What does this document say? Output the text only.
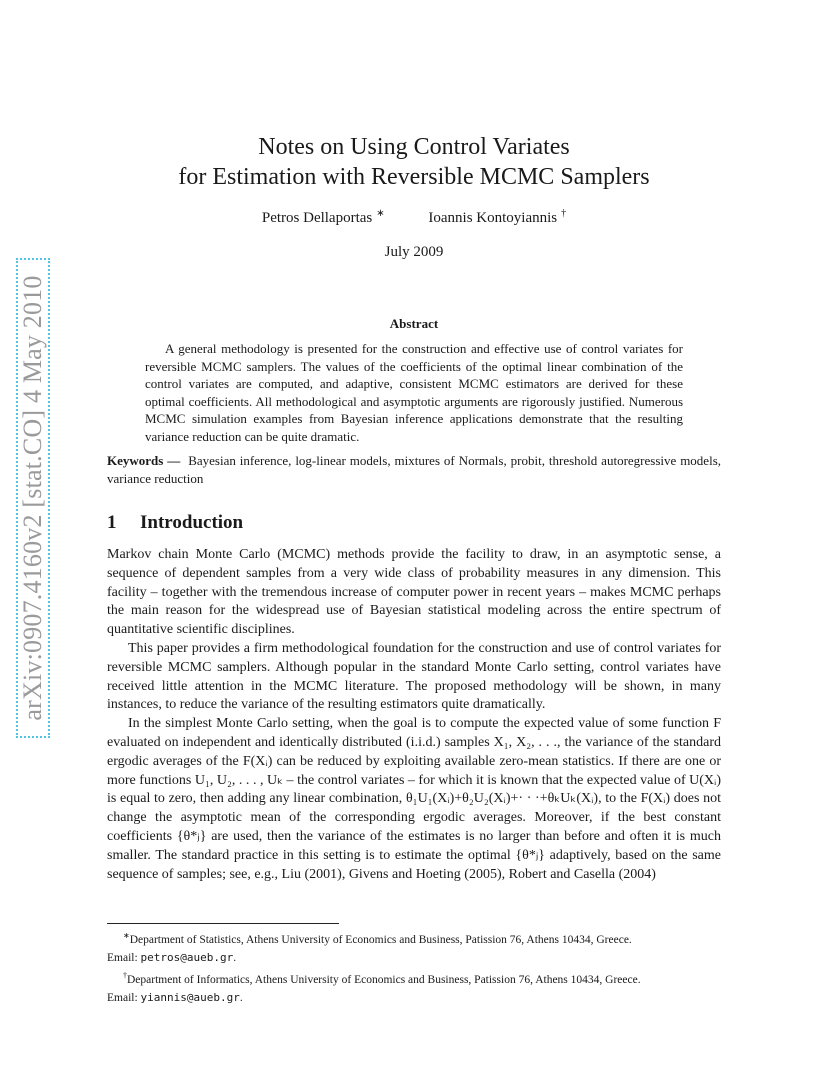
arXiv:0907.4160v2 [stat.CO] 4 May 2010
Notes on Using Control Variates
for Estimation with Reversible MCMC Samplers
Petros Dellaportas ∗	Ioannis Kontoyiannis †
July 2009
Abstract

A general methodology is presented for the construction and effective use of control variates for reversible MCMC samplers. The values of the coefficients of the optimal linear combination of the control variates are computed, and adaptive, consistent MCMC estimators are derived for these optimal coefficients. All methodological and asymptotic arguments are rigorously justified. Numerous MCMC simulation examples from Bayesian inference applications demonstrate that the resulting variance reduction can be quite dramatic.

Keywords — Bayesian inference, log-linear models, mixtures of Normals, probit, threshold autoregressive models, variance reduction

1 Introduction

Markov chain Monte Carlo (MCMC) methods provide the facility to draw, in an asymptotic sense, a sequence of dependent samples from a very wide class of probability measures in any dimension. This facility – together with the tremendous increase of computer power in recent years – makes MCMC perhaps the main reason for the widespread use of Bayesian statistical modeling across the entire spectrum of quantitative scientific disciplines.

This paper provides a firm methodological foundation for the construction and use of control variates for reversible MCMC samplers. Although popular in the standard Monte Carlo setting, control variates have received little attention in the MCMC literature. The proposed methodology will be shown, in many instances, to reduce the variance of the resulting estimators quite dramatically.

In the simplest Monte Carlo setting, when the goal is to compute the expected value of some function F evaluated on independent and identically distributed (i.i.d.) samples X₁, X₂, . . ., the variance of the standard ergodic averages of the F(Xᵢ) can be reduced by exploiting available zero-mean statistics. If there are one or more functions U₁, U₂, . . . , Uₖ – the control variates – for which it is known that the expected value of U(Xᵢ) is equal to zero, then adding any linear combination, θ₁U₁(Xᵢ)+θ₂U₂(Xᵢ)+· · ·+θₖUₖ(Xᵢ), to the F(Xᵢ) does not change the asymptotic mean of the corresponding ergodic averages. Moreover, if the best constant coefficients {θ*ⱼ} are used, then the variance of the estimates is no larger than before and often it is much smaller. The standard practice in this setting is to estimate the optimal {θ*ⱼ} adaptively, based on the same sequence of samples; see, e.g., Liu (2001), Givens and Hoeting (2005), Robert and Casella (2004)

∗Department of Statistics, Athens University of Economics and Business, Patission 76, Athens 10434, Greece.

Email: petros@aueb.gr.

†Department of Informatics, Athens University of Economics and Business, Patission 76, Athens 10434, Greece.

Email: yiannis@aueb.gr.
